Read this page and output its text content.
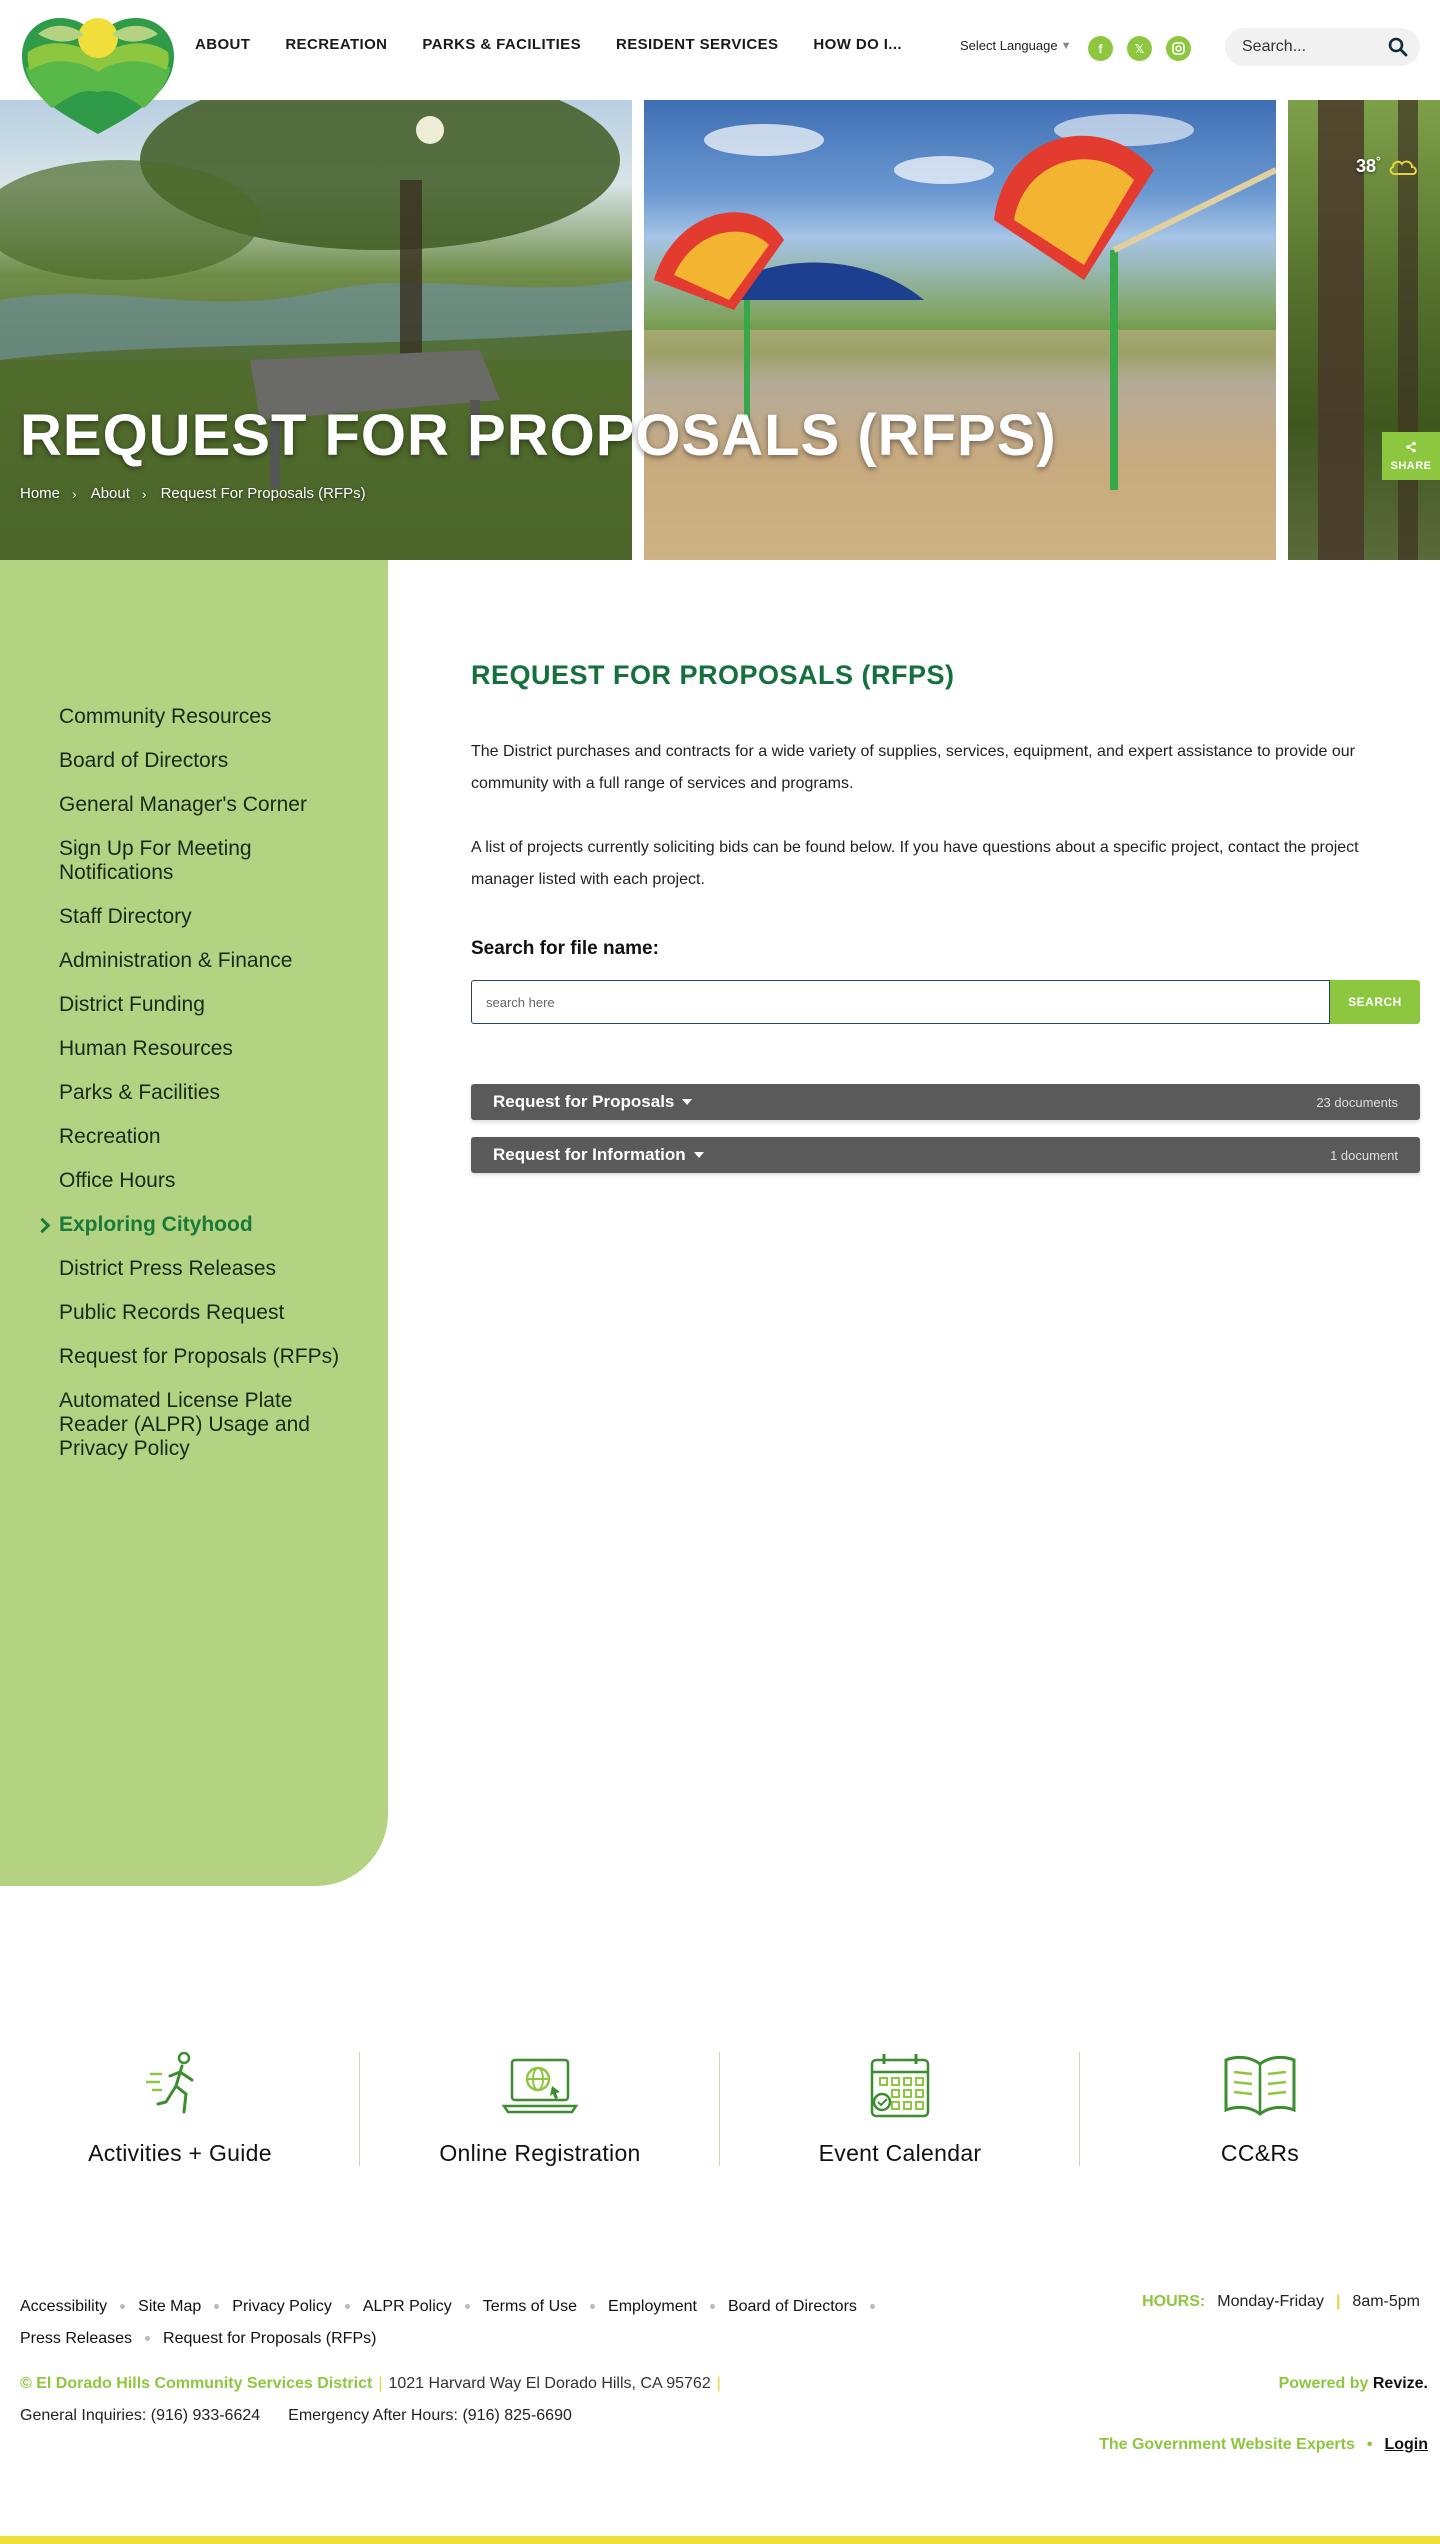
ABOUT RECREATION PARKS & FACILITIES RESIDENT SERVICES HOW DO I...	Select Language ▼	f	𝕏
Search...
REQUEST FOR PROPOSALS (RFPS)
Home › About › Request For Proposals (RFPs)
38 °
SHARE
Community Resources
Board of Directors
General Manager's Corner
Sign Up For Meeting Notifications
Staff Directory
Administration & Finance
District Funding
Human Resources
Parks & Facilities
Recreation
Office Hours
Exploring Cityhood
District Press Releases
Public Records Request
Request for Proposals (RFPs)
Automated License Plate Reader (ALPR) Usage and Privacy Policy
REQUEST FOR PROPOSALS (RFPS)

The District purchases and contracts for a wide variety of supplies, services, equipment, and expert assistance to provide our community with a full range of services and programs.

A list of projects currently soliciting bids can be found below. If you have questions about a specific project, contact the project manager listed with each project.

Search for file name:
search here
SEARCH
Request for Proposals	23 documents
Request for Information	1 document
Activities + Guide	Online Registration	Event Calendar	CC&Rs
Accessibility Site Map Privacy Policy ALPR Policy Terms of Use Employment Board of Directors
Press Releases Request for Proposals (RFPs)
HOURS: Monday-Friday | 8am-5pm
© El Dorado Hills Community Services District | 1021 Harvard Way El Dorado Hills, CA 95762 |
General Inquiries: (916) 933-6624 Emergency After Hours: (916) 825-6690
Powered by Revize.
The Government Website Experts • Login
